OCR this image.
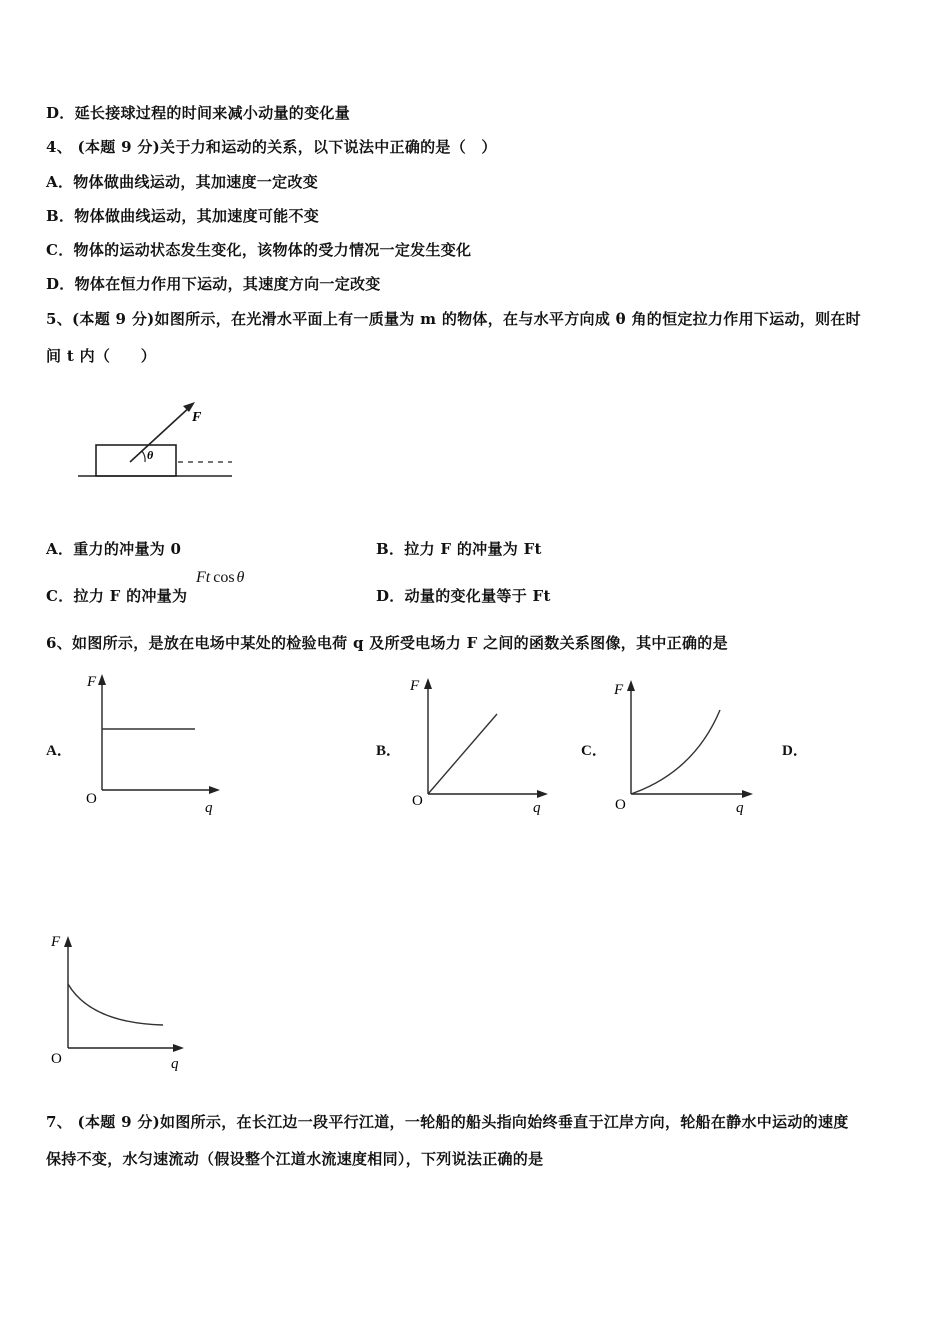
D．延长接球过程的时间来减小动量的变化量
4、 (本题 9 分)关于力和运动的关系，以下说法中正确的是（　）
A．物体做曲线运动，其加速度一定改变
B．物体做曲线运动，其加速度可能不变
C．物体的运动状态发生变化，该物体的受力情况一定发生变化
D．物体在恒力作用下运动，其速度方向一定改变
5、(本题 9 分)如图所示，在光滑水平面上有一质量为 m 的物体，在与水平方向成 θ 角的恒定拉力作用下运动，则在时
间 t 内（　　）
F
θ
A．重力的冲量为 0	B．拉力 F 的冲量为 Ft
C．拉力 F 的冲量为
Ft cos θ
D．动量的变化量等于 Ft
6、如图所示，是放在电场中某处的检验电荷 q 及所受电场力 F 之间的函数关系图像，其中正确的是
A．	B．	C．	D．
F
q
O
F
q
O
F
q
O
F
q
O
7、 (本题 9 分)如图所示，在长江边一段平行江道，一轮船的船头指向始终垂直于江岸方向，轮船在静水中运动的速度
保持不变，水匀速流动（假设整个江道水流速度相同），下列说法正确的是
